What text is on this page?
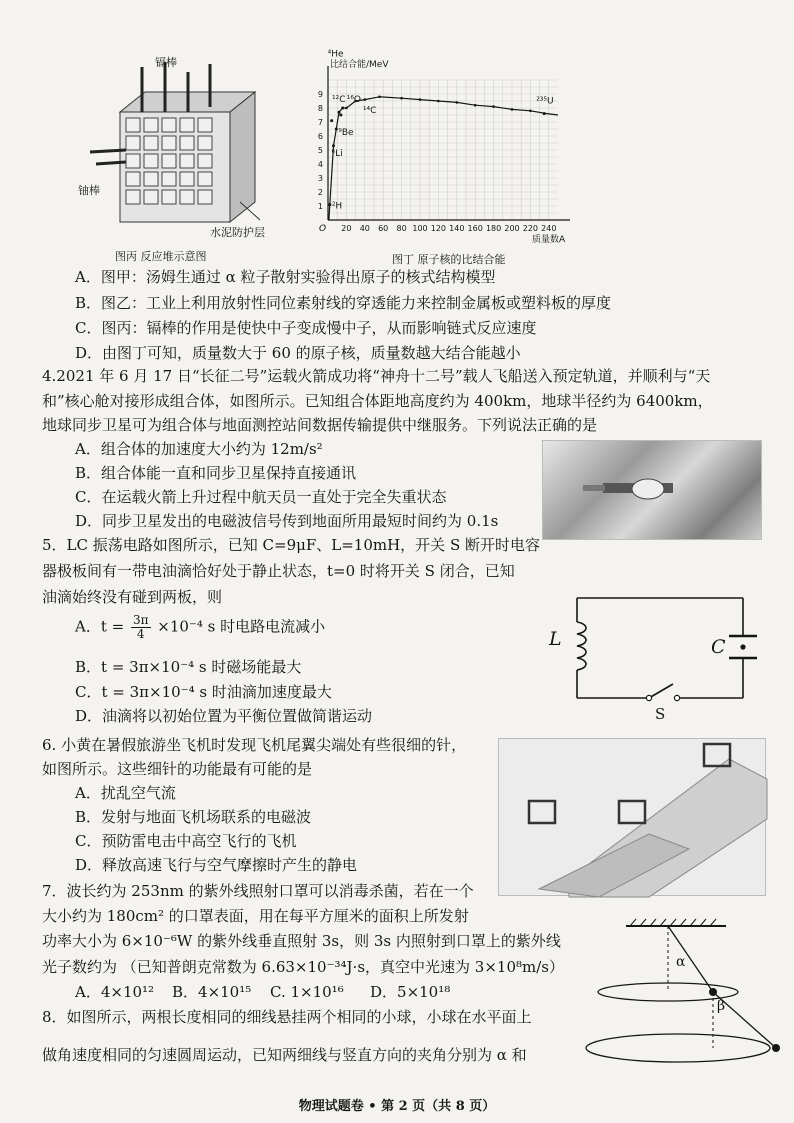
镉棒
铀棒
水泥防护层
图丙 反应堆示意图
20 40 60 80 100 120 140 160 180 200 220 240
1
2
3
4
5
6
7
8
9
O
比结合能/MeV
质量数A
⁴He
¹⁶O
¹²C
¹⁴C
⁹Be
⁶Li
²H
²³⁵U
图丁 原子核的比结合能
A．图甲：汤姆生通过 α 粒子散射实验得出原子的核式结构模型
B．图乙：工业上利用放射性同位素射线的穿透能力来控制金属板或塑料板的厚度
C．图丙：镉棒的作用是使快中子变成慢中子，从而影响链式反应速度
D．由图丁可知，质量数大于 60 的原子核，质量数越大结合能越小
4.2021 年 6 月 17 日“长征二号”运载火箭成功将“神舟十二号”载人飞船送入预定轨道，并顺利与“天
和”核心舱对接形成组合体，如图所示。已知组合体距地高度约为 400km，地球半径约为 6400km，
地球同步卫星可为组合体与地面测控站间数据传输提供中继服务。下列说法正确的是
A．组合体的加速度大小约为 12m/s²
B．组合体能一直和同步卫星保持直接通讯
C．在运载火箭上升过程中航天员一直处于完全失重状态
D．同步卫星发出的电磁波信号传到地面所用最短时间约为 0.1s
5．LC 振荡电路如图所示，已知 C=9μF、L=10mH，开关 S 断开时电容
器极板间有一带电油滴恰好处于静止状态，t=0 时将开关 S 闭合，已知
油滴始终没有碰到两板，则
A．$t = \frac{3\pi}{4} \times 10^{-4}$ s 时电路电流减小
B．t = 3π×10⁻⁴ s 时磁场能最大
C．t = 3π×10⁻⁴ s 时油滴加速度最大
D．油滴将以初始位置为平衡位置做简谐运动
L	C
S
6. 小黄在暑假旅游坐飞机时发现飞机尾翼尖端处有些很细的针，
如图所示。这些细针的功能最有可能的是
A．扰乱空气流
B．发射与地面飞机场联系的电磁波
C．预防雷电击中高空飞行的飞机
D．释放高速飞行与空气摩擦时产生的静电
7．波长约为 253nm 的紫外线照射口罩可以消毒杀菌，若在一个
大小约为 180cm² 的口罩表面，用在每平方厘米的面积上所发射
功率大小为 6×10⁻⁶W 的紫外线垂直照射 3s，则 3s 内照射到口罩上的紫外线
光子数约为 （已知普朗克常数为 6.63×10⁻³⁴J·s，真空中光速为 3×10⁸m/s）
A．4×10¹² B．4×10¹⁵ C. 1×10¹⁶ D．5×10¹⁸
8．如图所示，两根长度相同的细线悬挂两个相同的小球，小球在水平面上
做角速度相同的匀速圆周运动，已知两细线与竖直方向的夹角分别为 α 和
α
β
物理试题卷 • 第 2 页（共 8 页）
